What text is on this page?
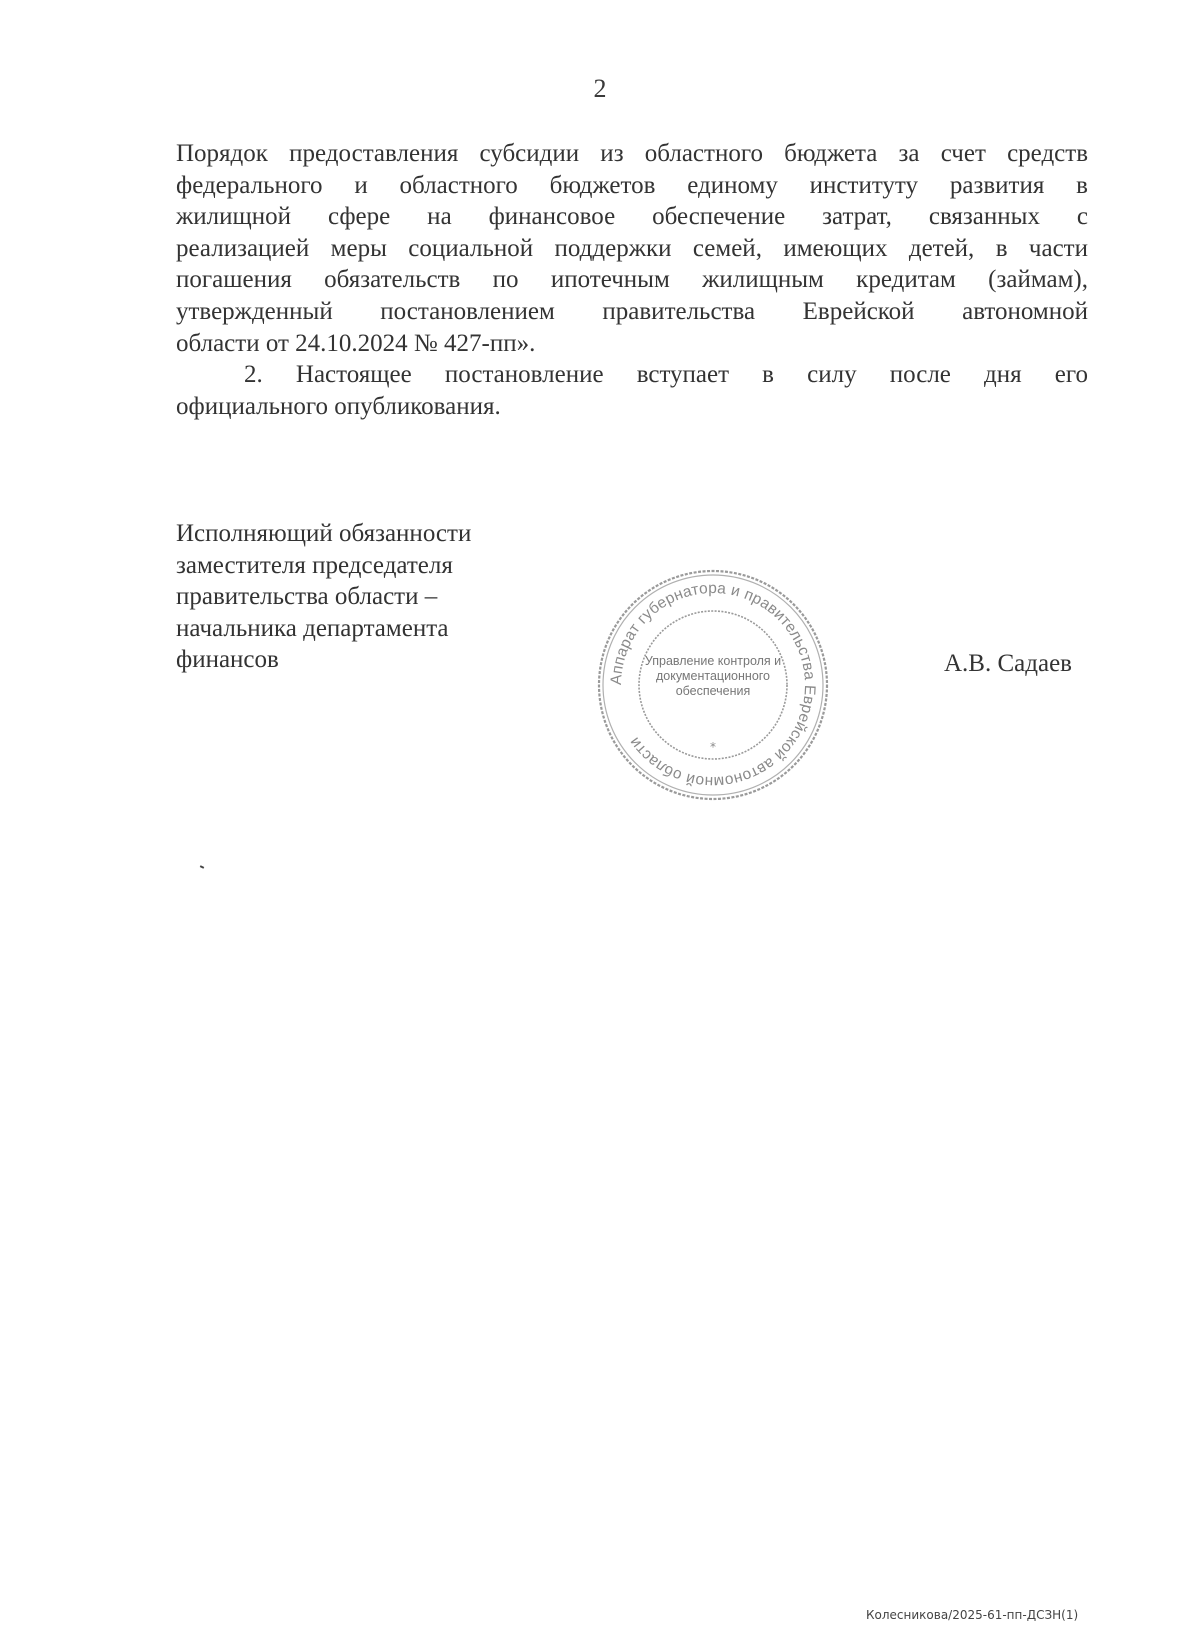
2

Порядок предоставления субсидии из областного бюджета за счет средств

федерального и областного бюджетов единому институту развития в

жилищной сфере на финансовое обеспечение затрат, связанных с

реализацией меры социальной поддержки семей, имеющих детей, в части

погашения обязательств по ипотечным жилищным кредитам (займам),

утвержденный постановлением правительства Еврейской автономной

области от 24.10.2024 № 427-пп».

2. Настоящее постановление вступает в силу после дня его

официального опубликования.

Исполняющий обязанности
заместителя председателя
правительства области –
начальника департамента
финансов
Аппарат губернатора и правительства Еврейской автономной области	*
Управление контроля и
документационного
обеспечения
А.В. Садаев
Колесникова/2025-61-пп-ДСЗН(1)
